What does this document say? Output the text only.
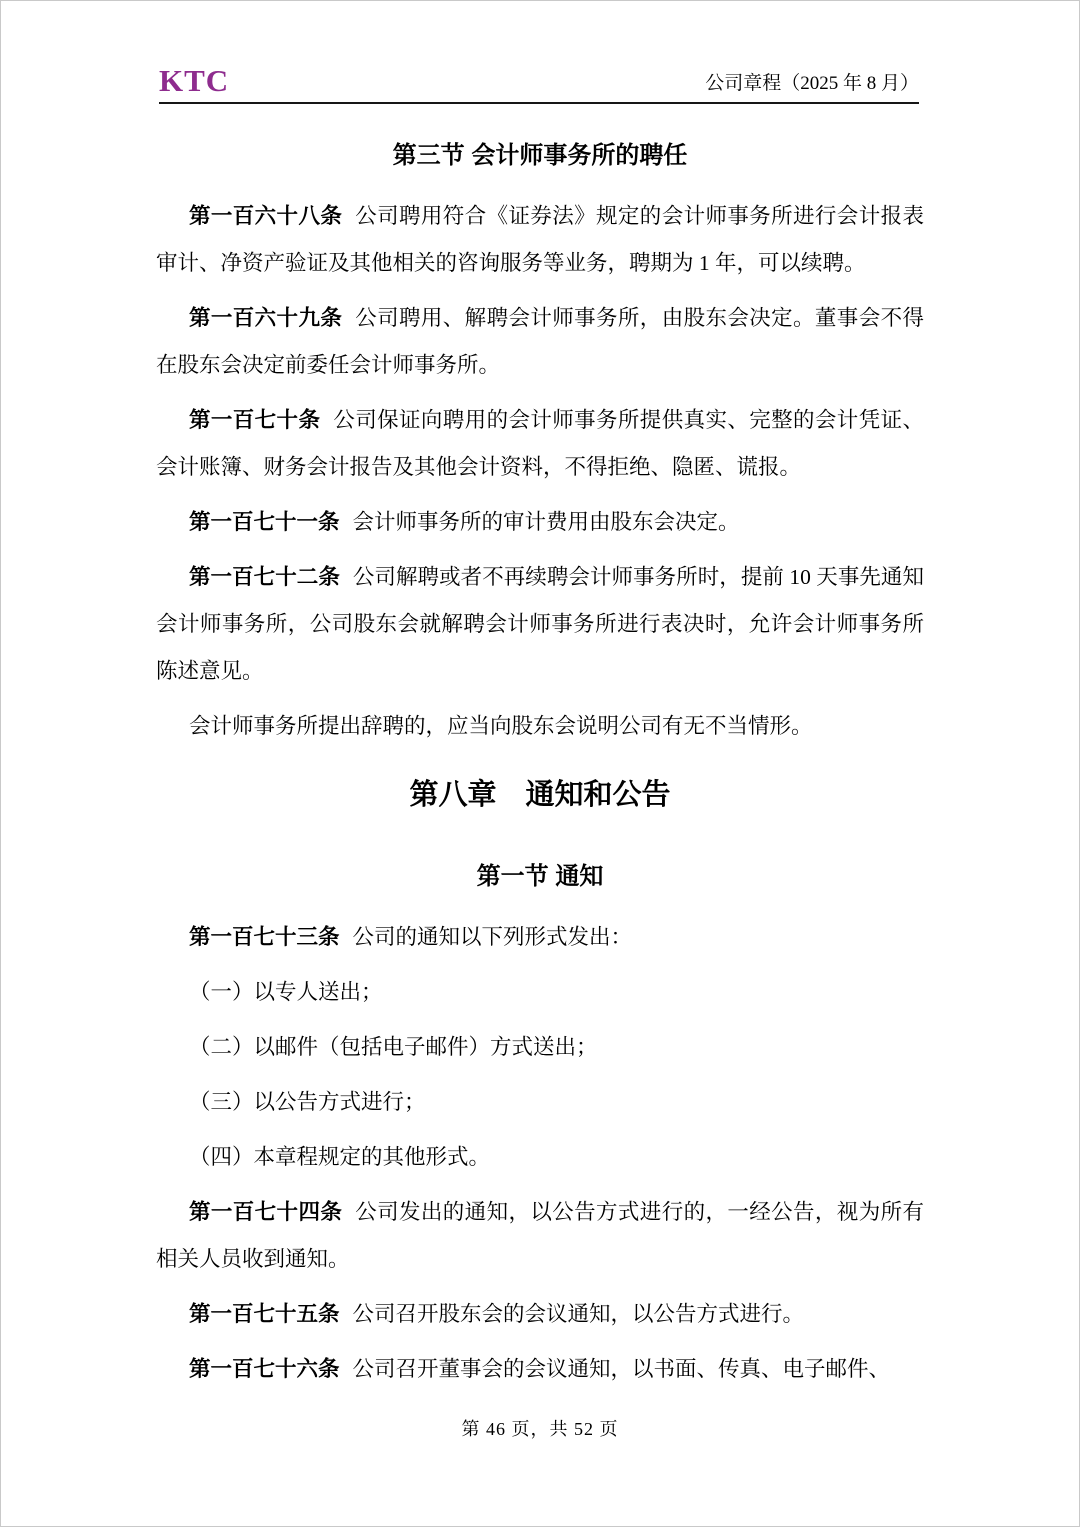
KTC	公司章程（2025 年 8 月）
第三节 会计师事务所的聘任

第一百六十八条 公司聘用符合《证券法》规定的会计师事务所进行会计报表审计、净资产验证及其他相关的咨询服务等业务，聘期为 1 年，可以续聘。

第一百六十九条 公司聘用、解聘会计师事务所，由股东会决定。董事会不得在股东会决定前委任会计师事务所。

第一百七十条 公司保证向聘用的会计师事务所提供真实、完整的会计凭证、会计账簿、财务会计报告及其他会计资料，不得拒绝、隐匿、谎报。

第一百七十一条 会计师事务所的审计费用由股东会决定。

第一百七十二条 公司解聘或者不再续聘会计师事务所时，提前 10 天事先通知会计师事务所，公司股东会就解聘会计师事务所进行表决时，允许会计师事务所陈述意见。

会计师事务所提出辞聘的，应当向股东会说明公司有无不当情形。

第八章　通知和公告
第一节 通知

第一百七十三条 公司的通知以下列形式发出：

（一）以专人送出；

（二）以邮件（包括电子邮件）方式送出；

（三）以公告方式进行；

（四）本章程规定的其他形式。

第一百七十四条 公司发出的通知，以公告方式进行的，一经公告，视为所有相关人员收到通知。

第一百七十五条 公司召开股东会的会议通知，以公告方式进行。

第一百七十六条 公司召开董事会的会议通知，以书面、传真、电子邮件、

第 46 页，共 52 页
